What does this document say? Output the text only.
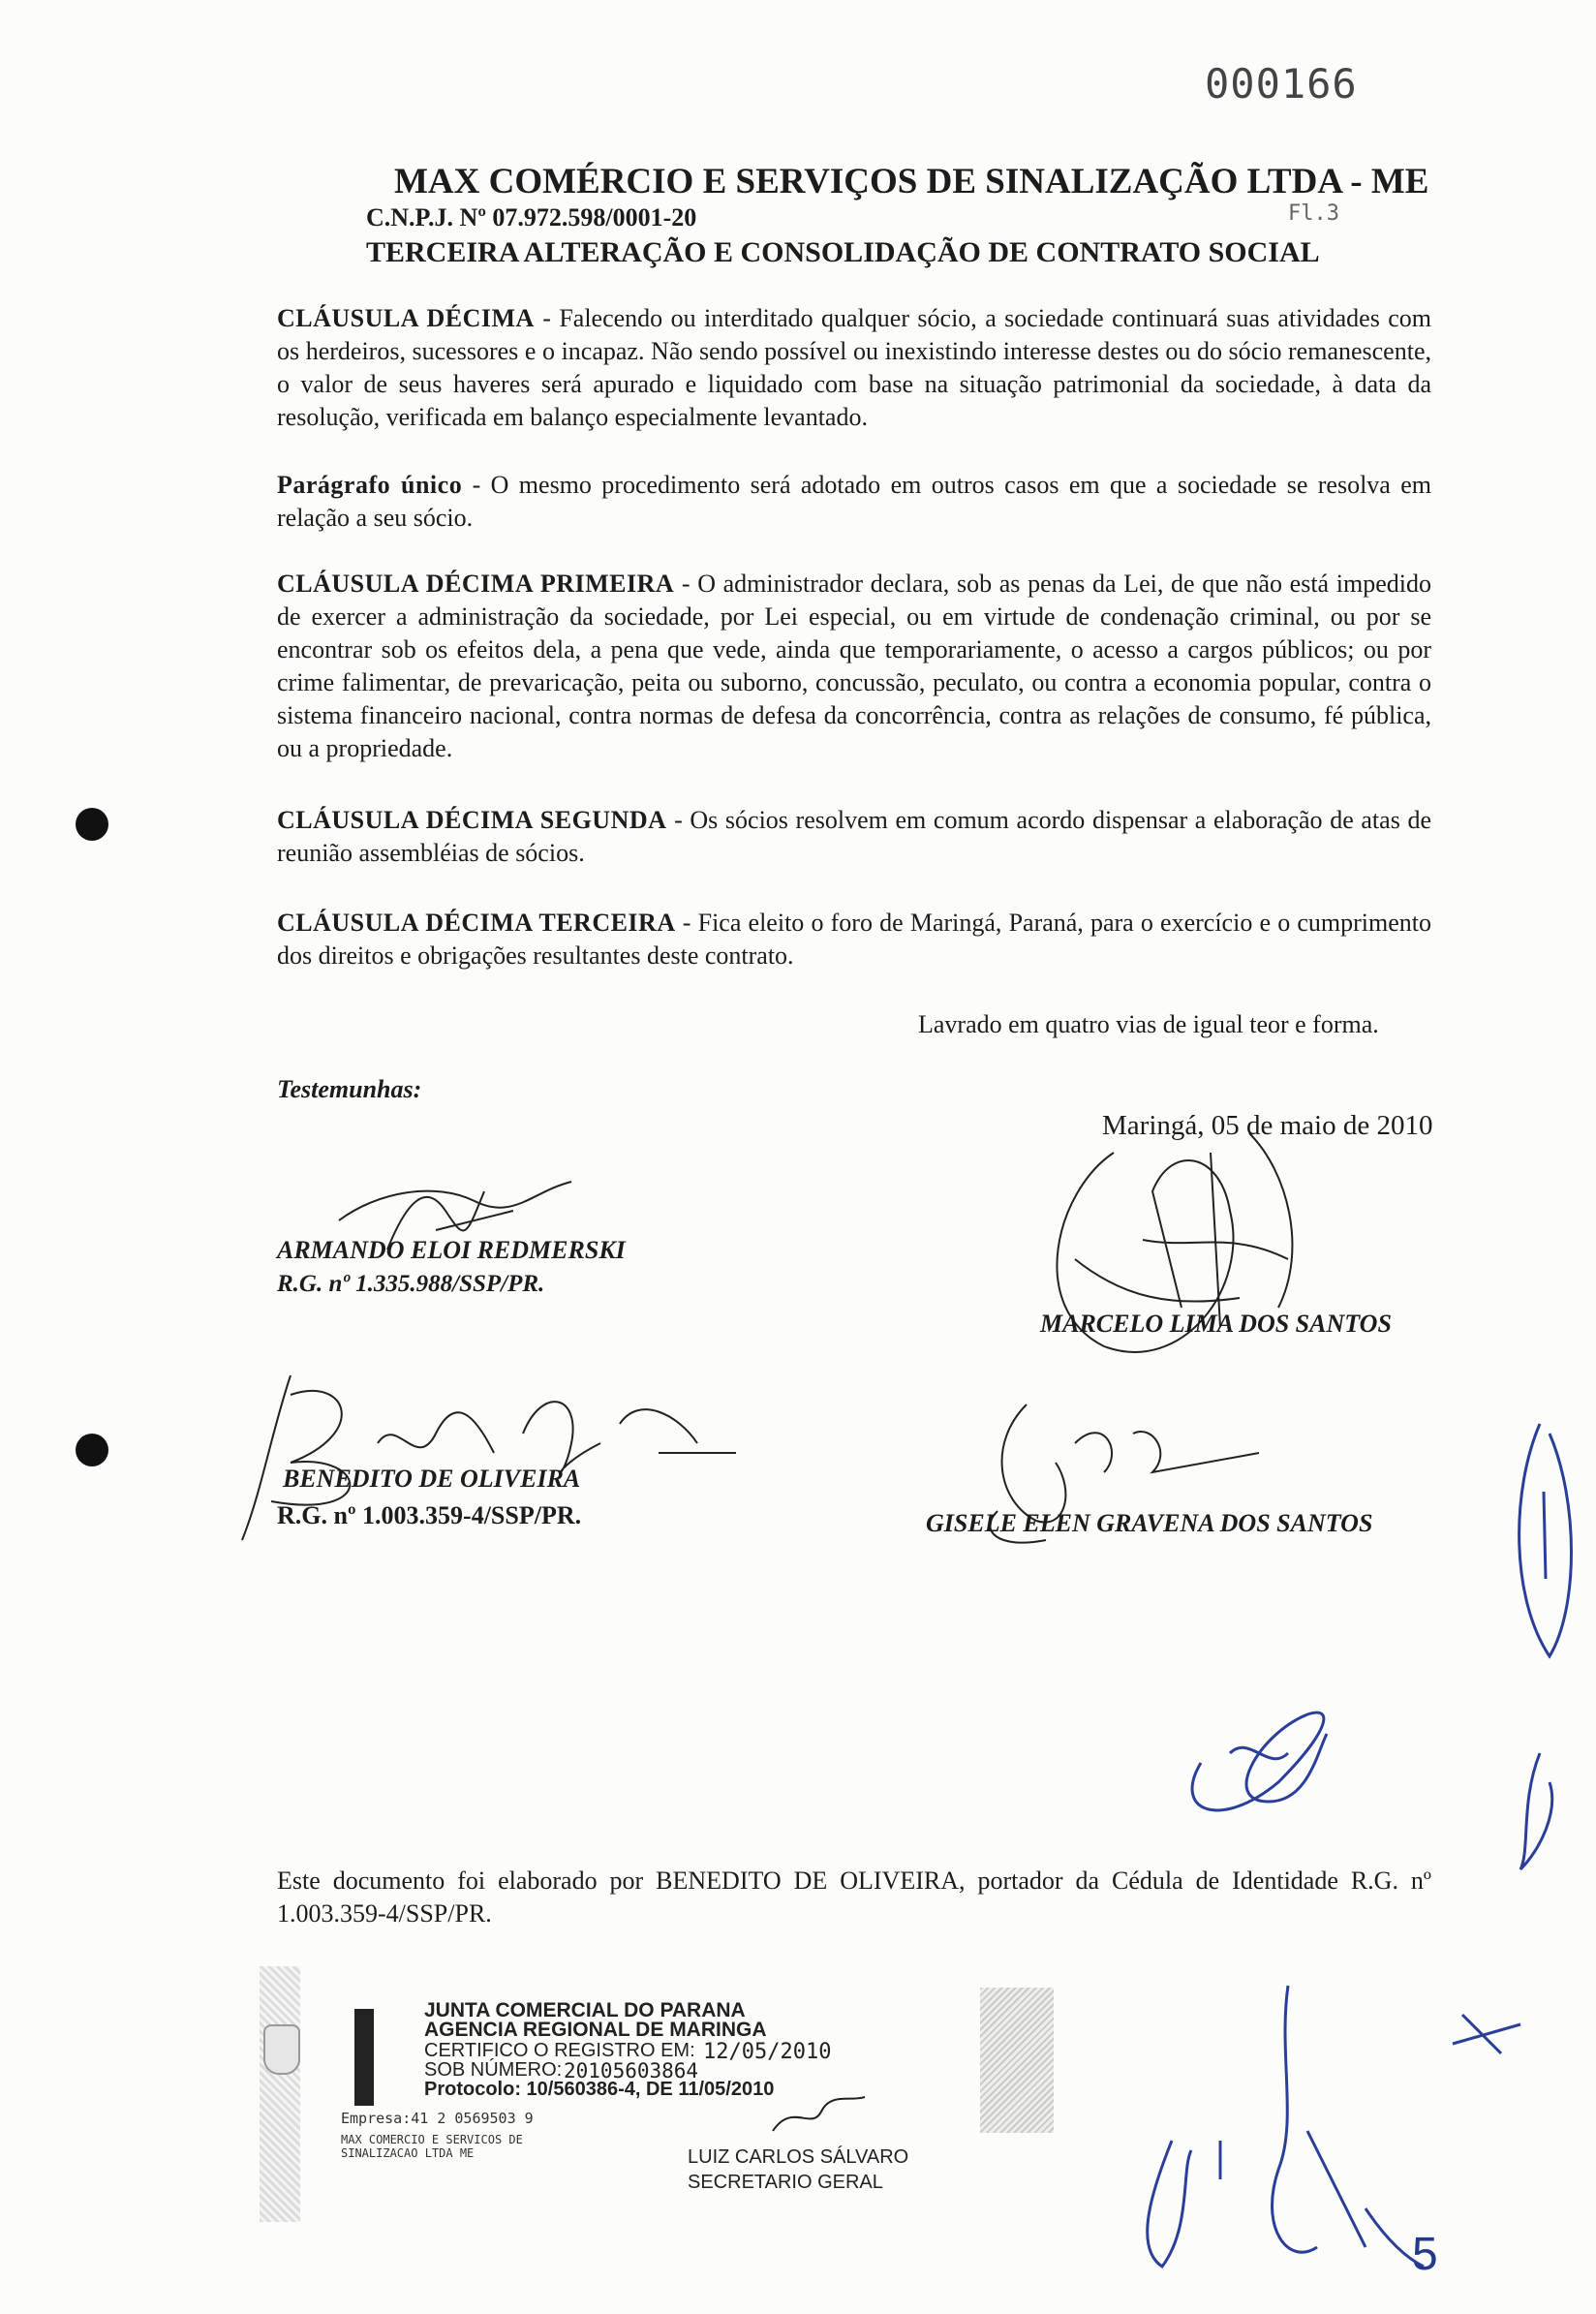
000166
Fl.3
MAX COMÉRCIO E SERVIÇOS DE SINALIZAÇÃO LTDA - ME
C.N.P.J. Nº 07.972.598/0001-20
TERCEIRA ALTERAÇÃO E CONSOLIDAÇÃO DE CONTRATO SOCIAL
CLÁUSULA DÉCIMA - Falecendo ou interditado qualquer sócio, a sociedade continuará suas atividades com os herdeiros, sucessores e o incapaz. Não sendo possível ou inexistindo interesse destes ou do sócio remanescente, o valor de seus haveres será apurado e liquidado com base na situação patrimonial da sociedade, à data da resolução, verificada em balanço especialmente levantado.
Parágrafo único - O mesmo procedimento será adotado em outros casos em que a sociedade se resolva em relação a seu sócio.
CLÁUSULA DÉCIMA PRIMEIRA - O administrador declara, sob as penas da Lei, de que não está impedido de exercer a administração da sociedade, por Lei especial, ou em virtude de condenação criminal, ou por se encontrar sob os efeitos dela, a pena que vede, ainda que temporariamente, o acesso a cargos públicos; ou por crime falimentar, de prevaricação, peita ou suborno, concussão, peculato, ou contra a economia popular, contra o sistema financeiro nacional, contra normas de defesa da concorrência, contra as relações de consumo, fé pública, ou a propriedade.
CLÁUSULA DÉCIMA SEGUNDA - Os sócios resolvem em comum acordo dispensar a elaboração de atas de reunião assembléias de sócios.
CLÁUSULA DÉCIMA TERCEIRA - Fica eleito o foro de Maringá, Paraná, para o exercício e o cumprimento dos direitos e obrigações resultantes deste contrato.
Lavrado em quatro vias de igual teor e forma.
Testemunhas:
Maringá, 05 de maio de 2010
ARMANDO ELOI REDMERSKI
R.G. nº 1.335.988/SSP/PR.
BENEDITO DE OLIVEIRA
R.G. nº 1.003.359-4/SSP/PR.
MARCELO LIMA DOS SANTOS
GISELE ELEN GRAVENA DOS SANTOS
Este documento foi elaborado por BENEDITO DE OLIVEIRA, portador da Cédula de Identidade R.G. nº 1.003.359-4/SSP/PR.
JUNTA COMERCIAL DO PARANA
AGENCIA REGIONAL DE MARINGA
CERTIFICO O REGISTRO EM: 12/05/2010
SOB NÚMERO: 20105603864
Protocolo: 10/560386-4, DE 11/05/2010
Empresa:41 2 0569503 9
MAX COMERCIO E SERVICOS DE
SINALIZACAO LTDA ME	LUIZ CARLOS SÁLVARO
SECRETARIO GERAL
5
